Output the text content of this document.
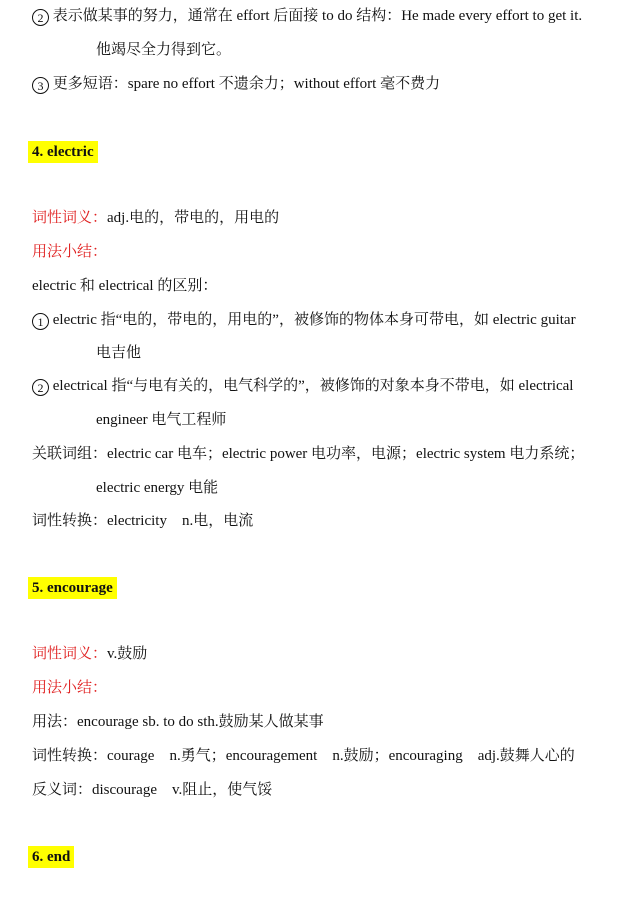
2 表示做某事的努力，通常在 effort 后面接 to do 结构：He made every effort to get it.
他竭尽全力得到它。
3 更多短语：spare no effort 不遗余力；without effort 毫不费力
4. electric
词性词义：adj.电的，带电的，用电的
用法小结：
electric 和 electrical 的区别：
1 electric 指“电的，带电的，用电的”，被修饰的物体本身可带电，如 electric guitar
电吉他
2 electrical 指“与电有关的，电气科学的”，被修饰的对象本身不带电，如 electrical
engineer 电气工程师
关联词组：electric car 电车；electric power 电功率，电源；electric system 电力系统；
electric energy 电能
词性转换：electricity　n.电，电流
5. encourage
词性词义：v.鼓励
用法小结：
用法：encourage sb. to do sth.鼓励某人做某事
词性转换：courage　n.勇气；encouragement　n.鼓励；encouraging　adj.鼓舞人心的
反义词：discourage　v.阻止，使气馁
6. end
